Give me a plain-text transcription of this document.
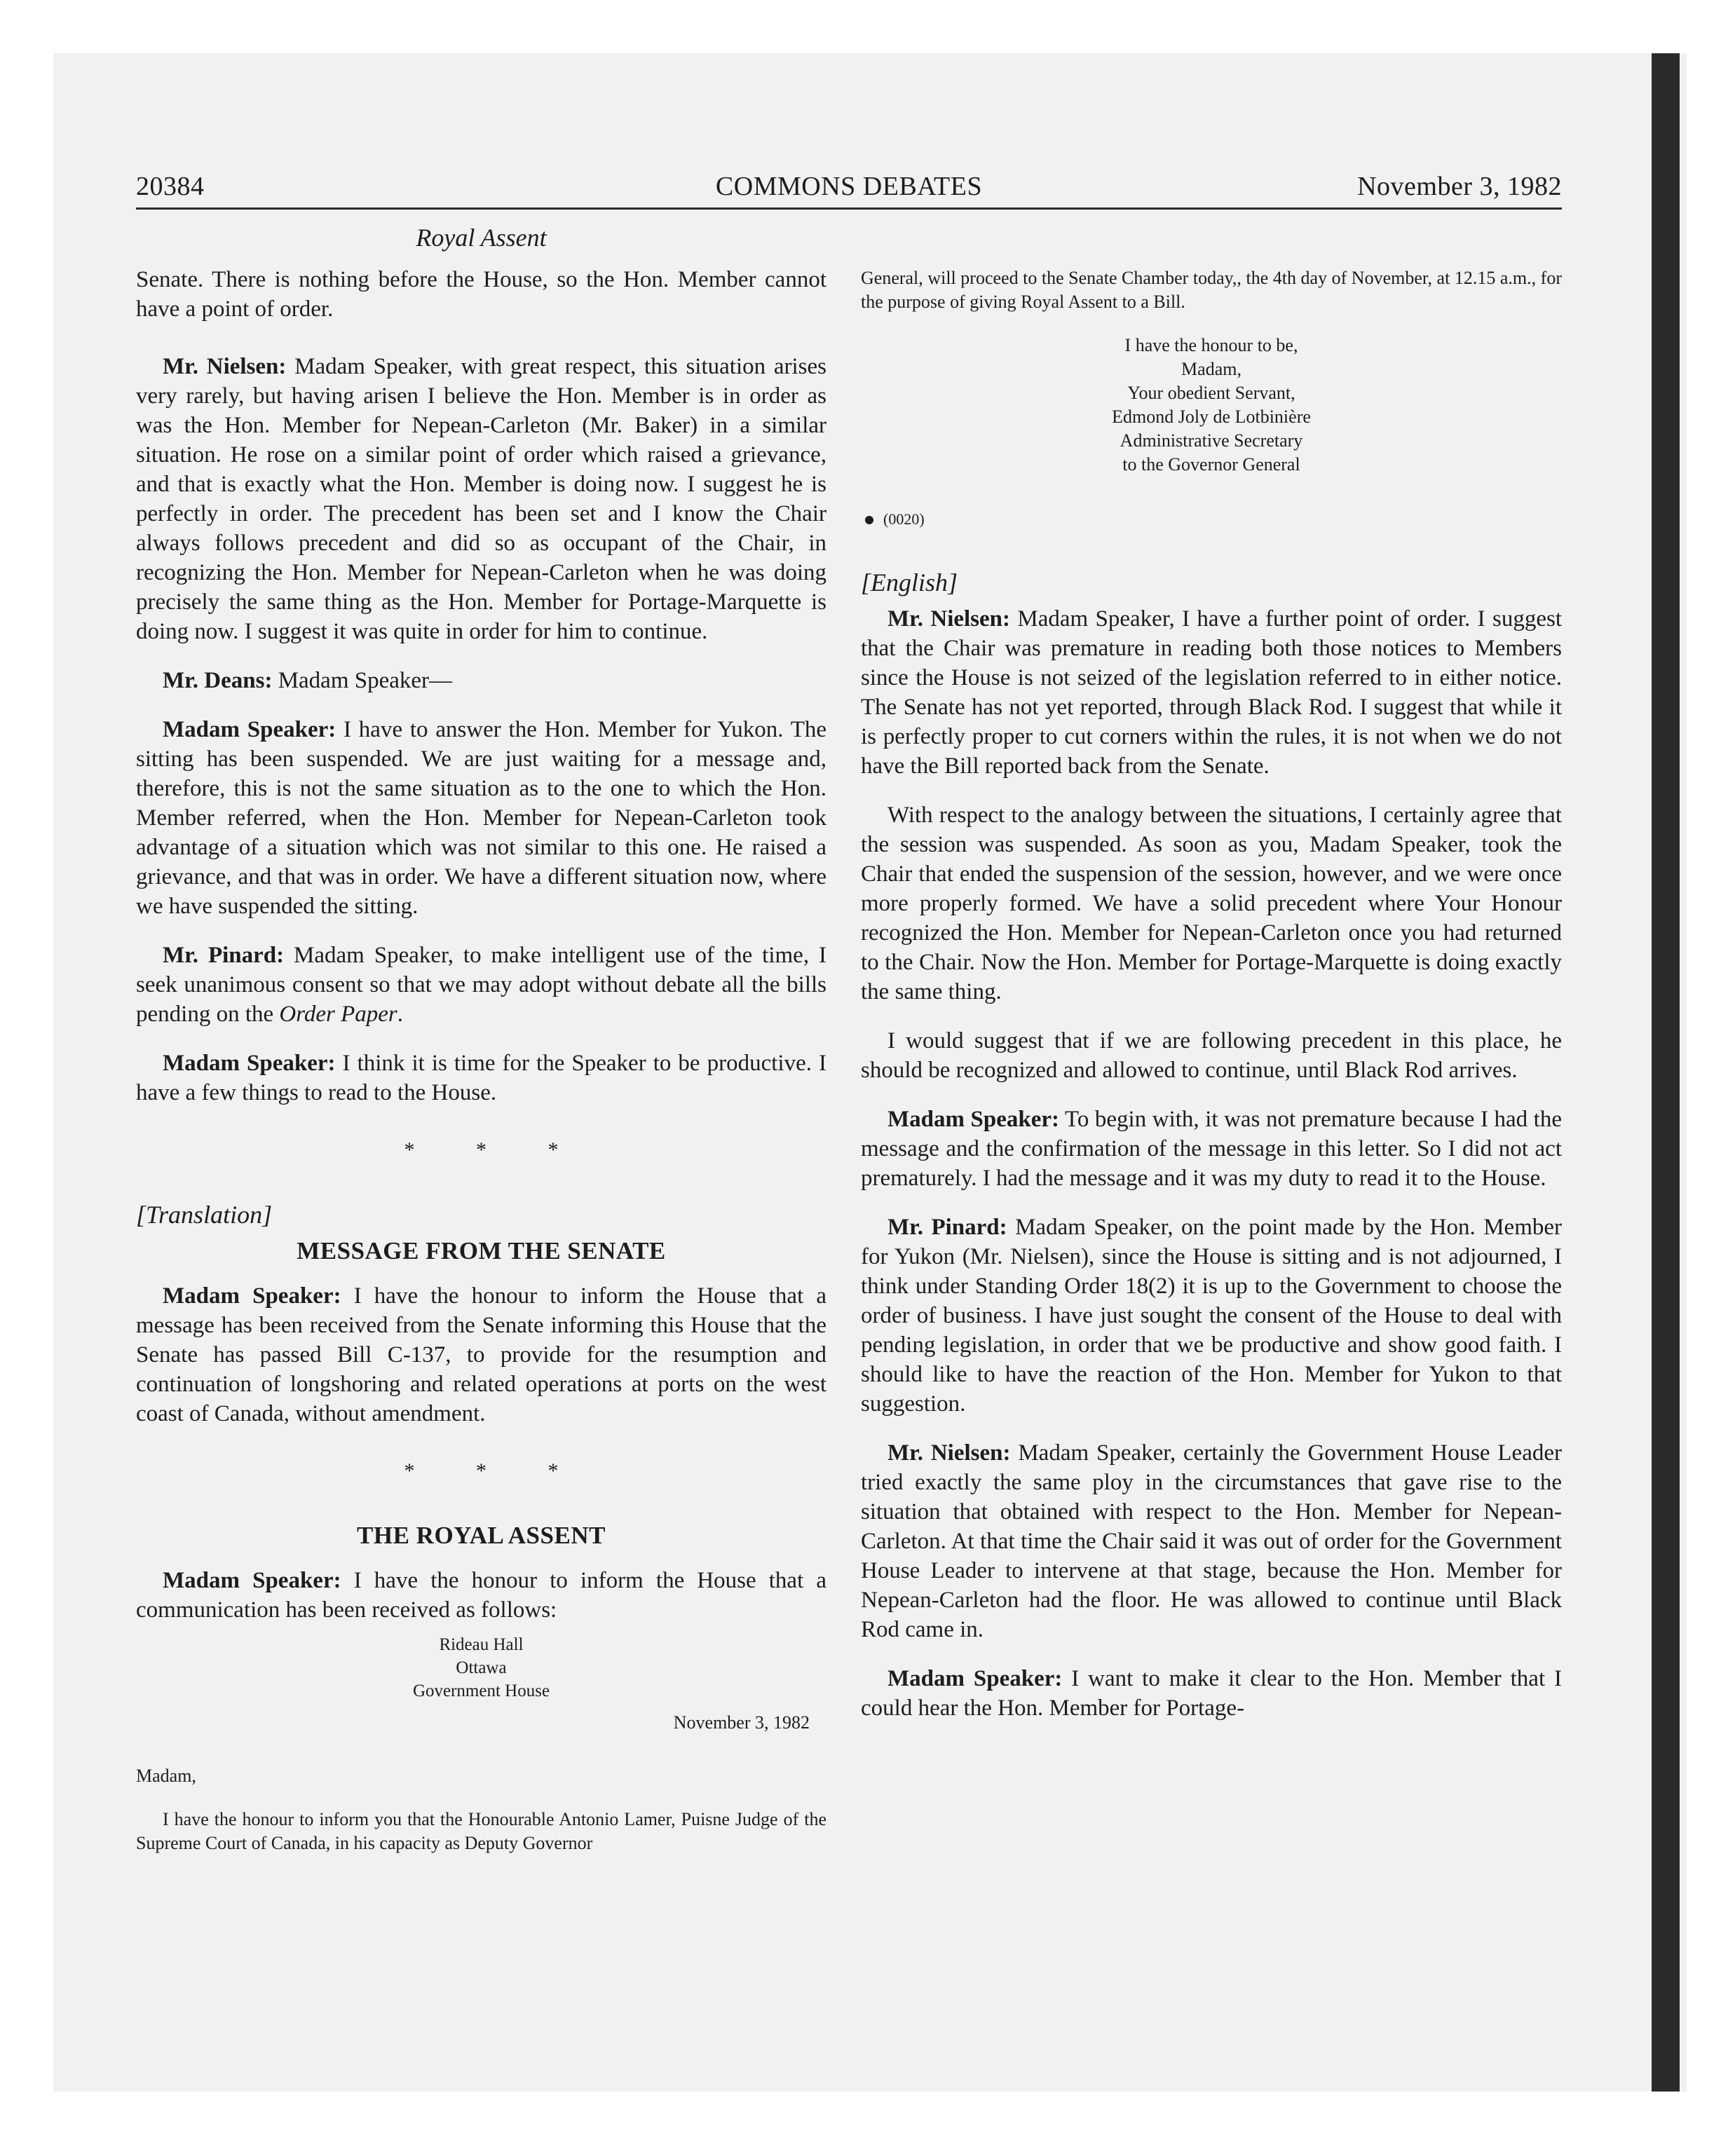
20384	COMMONS DEBATES	November 3, 1982
Royal Assent

Senate. There is nothing before the House, so the Hon. Member cannot have a point of order.

Mr. Nielsen: Madam Speaker, with great respect, this situation arises very rarely, but having arisen I believe the Hon. Member is in order as was the Hon. Member for Nepean-Carleton (Mr. Baker) in a similar situation. He rose on a similar point of order which raised a grievance, and that is exactly what the Hon. Member is doing now. I suggest he is perfectly in order. The precedent has been set and I know the Chair always follows precedent and did so as occupant of the Chair, in recognizing the Hon. Member for Nepean-Carleton when he was doing precisely the same thing as the Hon. Member for Portage-Marquette is doing now. I suggest it was quite in order for him to continue.

Mr. Deans: Madam Speaker—

Madam Speaker: I have to answer the Hon. Member for Yukon. The sitting has been suspended. We are just waiting for a message and, therefore, this is not the same situation as to the one to which the Hon. Member referred, when the Hon. Member for Nepean-Carleton took advantage of a situation which was not similar to this one. He raised a grievance, and that was in order. We have a different situation now, where we have suspended the sitting.

Mr. Pinard: Madam Speaker, to make intelligent use of the time, I seek unanimous consent so that we may adopt without debate all the bills pending on the Order Paper.

Madam Speaker: I think it is time for the Speaker to be productive. I have a few things to read to the House.

* * *
[Translation]
MESSAGE FROM THE SENATE

Madam Speaker: I have the honour to inform the House that a message has been received from the Senate informing this House that the Senate has passed Bill C-137, to provide for the resumption and continuation of longshoring and related operations at ports on the west coast of Canada, without amendment.

* * *
THE ROYAL ASSENT

Madam Speaker: I have the honour to inform the House that a communication has been received as follows:

Rideau Hall

Ottawa

Government House

November 3, 1982
Madam,

I have the honour to inform you that the Honourable Antonio Lamer, Puisne Judge of the Supreme Court of Canada, in his capacity as Deputy Governor

General, will proceed to the Senate Chamber today,, the 4th day of November, at 12.15 a.m., for the purpose of giving Royal Assent to a Bill.

I have the honour to be,

Madam,

Your obedient Servant,

Edmond Joly de Lotbinière

Administrative Secretary

to the Governor General

(0020)
[English]

Mr. Nielsen: Madam Speaker, I have a further point of order. I suggest that the Chair was premature in reading both those notices to Members since the House is not seized of the legislation referred to in either notice. The Senate has not yet reported, through Black Rod. I suggest that while it is perfectly proper to cut corners within the rules, it is not when we do not have the Bill reported back from the Senate.

With respect to the analogy between the situations, I certainly agree that the session was suspended. As soon as you, Madam Speaker, took the Chair that ended the suspension of the session, however, and we were once more properly formed. We have a solid precedent where Your Honour recognized the Hon. Member for Nepean-Carleton once you had returned to the Chair. Now the Hon. Member for Portage-Marquette is doing exactly the same thing.

I would suggest that if we are following precedent in this place, he should be recognized and allowed to continue, until Black Rod arrives.

Madam Speaker: To begin with, it was not premature because I had the message and the confirmation of the message in this letter. So I did not act prematurely. I had the message and it was my duty to read it to the House.

Mr. Pinard: Madam Speaker, on the point made by the Hon. Member for Yukon (Mr. Nielsen), since the House is sitting and is not adjourned, I think under Standing Order 18(2) it is up to the Government to choose the order of business. I have just sought the consent of the House to deal with pending legislation, in order that we be productive and show good faith. I should like to have the reaction of the Hon. Member for Yukon to that suggestion.

Mr. Nielsen: Madam Speaker, certainly the Government House Leader tried exactly the same ploy in the circumstances that gave rise to the situation that obtained with respect to the Hon. Member for Nepean-Carleton. At that time the Chair said it was out of order for the Government House Leader to intervene at that stage, because the Hon. Member for Nepean-Carleton had the floor. He was allowed to continue until Black Rod came in.

Madam Speaker: I want to make it clear to the Hon. Member that I could hear the Hon. Member for Portage-
